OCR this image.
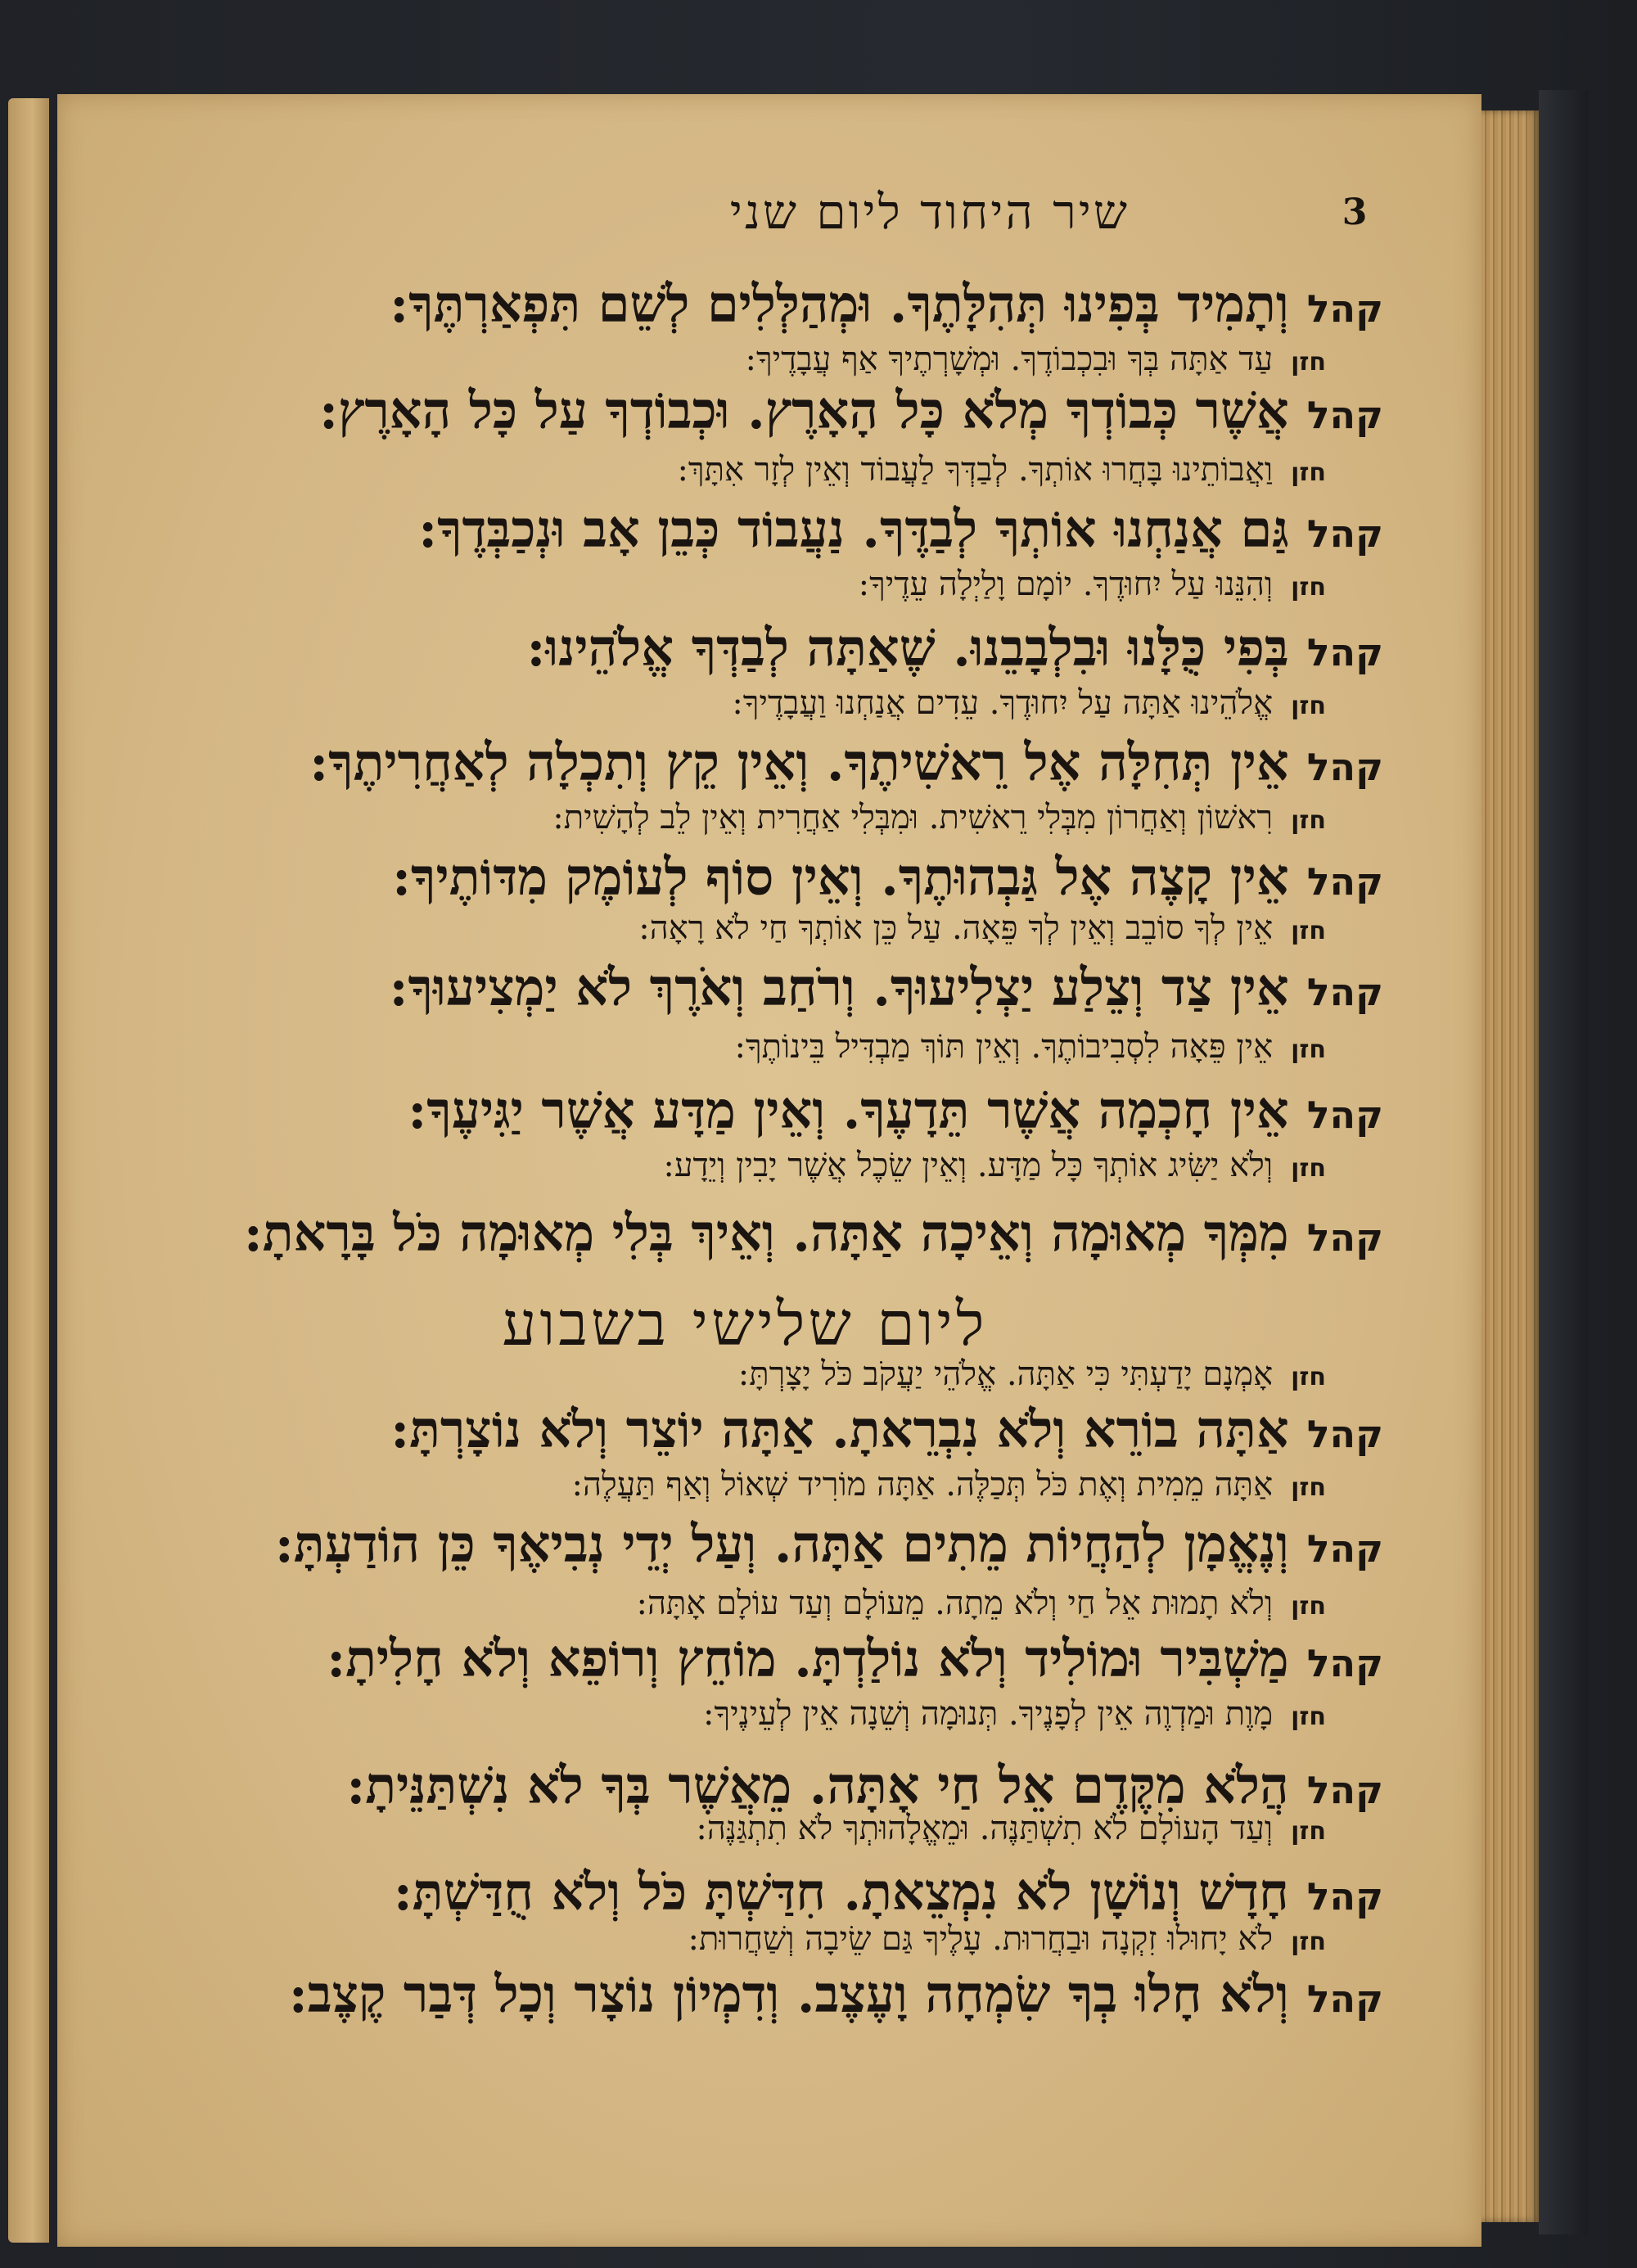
שיר היחוד ליום שני	3
ליום שלישי בשבוע
קהלוְתָמִיד בְּפִינוּ תְּהִלָּתֶךָ. וּמְהַלְּלִים לְשֵׁם תִּפְאַרְתֶּךָ:
חזןעַד אַתָּה בְּךָ וּבִכְבוֹדֶךָ. וּמְשָׁרְתֶיךָ אַף עֲבָדֶיךָ:
קהלאֲשֶׁר כְּבוֹדְךָ מְלֹא כָּל הָאָרֶץ. וּכְבוֹדְךָ עַל כָּל הָאָרֶץ:
חזןוַאֲבוֹתֵינוּ בָּחֲרוּ אוֹתְךָ. לְבַדְּךָ לַעֲבוֹד וְאֵין לְזָר אִתָּךְ:
קהלגַּם אֲנַחְנוּ אוֹתְךָ לְבַדֶּךָ. נַעֲבוֹד כְּבֵן אָב וּנְכַבְּדֶךָ:
חזןוְהִנֵּנוּ עַל יִחוּדֶךָ. יוֹמָם וָלַיְלָה עֵדֶיךָ:
קהלבְּפִי כֻּלָּנוּ וּבִלְבָבֵנוּ. שֶׁאַתָּה לְבַדְּךָ אֱלֹהֵינוּ:
חזןאֱלֹהֵינוּ אַתָּה עַל יִחוּדֶךָ. עֵדִים אֲנַחְנוּ וַעֲבָדֶיךָ:
קהלאֵין תְּחִלָּה אֶל רֵאשִׁיתֶךָ. וְאֵין קֵץ וְתִכְלָה לְאַחֲרִיתֶךָ:
חזןרִאשׁוֹן וְאַחֲרוֹן מִבְּלִי רֵאשִׁית. וּמִבְּלִי אַחֲרִית וְאֵין לֵב לְהָשִׁית:
קהלאֵין קָצֶה אֶל גַּבְהוּתֶךָ. וְאֵין סוֹף לְעוֹמֶק מִדּוֹתֶיךָ:
חזןאֵין לְךָ סוֹבֵב וְאֵין לְךָ פֵּאָה. עַל כֵּן אוֹתְךָ חַי לֹא רָאָה:
קהלאֵין צַד וְצֵלַע יַצְלִיעוּךָ. וְרֹחַב וְאֹרֶךְ לֹא יַמְצִיעוּךָ:
חזןאֵין פֵּאָה לִסְבִיבוֹתֶךָ. וְאֵין תּוֹךְ מַבְדִּיל בֵּינוֹתֶךָ:
קהלאֵין חָכְמָה אֲשֶׁר תֵּדָעֶךָ. וְאֵין מַדָּע אֲשֶׁר יַגִּיעֶךָ:
חזןוְלֹא יַשִּׂיג אוֹתְךָ כָּל מַדָּע. וְאֵין שֵׂכֶל אֲשֶׁר יָבִין וְיֵדָע:
קהלמִמְּךָ מְאוּמָה וְאֵיכָה אַתָּה. וְאֵיךְ בְּלִי מְאוּמָה כֹּל בָּרָאתָ:
חזןאָמְנָם יָדַעְתִּי כִּי אַתָּה. אֱלֹהֵי יַעֲקֹב כֹּל יָצָרְתָּ:
קהלאַתָּה בוֹרֵא וְלֹא נִבְרֵאתָ. אַתָּה יוֹצֵר וְלֹא נוֹצָרְתָּ:
חזןאַתָּה מֵמִית וְאֶת כֹּל תְּכַלֶּה. אַתָּה מוֹרִיד שְׁאוֹל וְאַף תַּעֲלֶה:
קהלוְנֶאֱמָן לְהַחֲיוֹת מֵתִים אַתָּה. וְעַל יְדֵי נְבִיאֶךָ כֵּן הוֹדַעְתָּ:
חזןוְלֹא תָמוּת אֵל חַי וְלֹא מֵתָה. מֵעוֹלָם וְעַד עוֹלָם אָתָּה:
קהלמַשְׁבִּיר וּמוֹלִיד וְלֹא נוֹלַדְתָּ. מוֹחֵץ וְרוֹפֵא וְלֹא חָלִיתָ:
חזןמָוֶת וּמַדְוֶה אֵין לְפָנֶיךָ. תְּנוּמָה וְשֵׁנָה אֵין לְעֵינֶיךָ:
קהלהֲלֹא מִקֶּדֶם אֵל חַי אָתָּה. מֵאֲשֶׁר בְּךָ לֹא נִשְׁתַּנֵּיתָ:
חזןוְעַד הָעוֹלָם לֹא תִשְׁתַּנֶּה. וּמֵאֱלָהוּתְךָ לֹא תִתְגַּנֶּה:
קהלחָדָשׁ וְנוֹשָׁן לֹא נִמְצֵאתָ. חִדַּשְׁתָּ כֹּל וְלֹא חֻדַּשְׁתָּ:
חזןלֹא יָחוּלוּ זִקְנָה וּבַחֲרוּת. עָלֶיךָ גַּם שֵׂיבָה וְשַׁחֲרוּת:
קהלוְלֹא חָלוּ בְךָ שִׂמְחָה וָעֶצֶב. וְדִמְיוֹן נוֹצָר וְכָל דְּבַר קֶצֶב:
